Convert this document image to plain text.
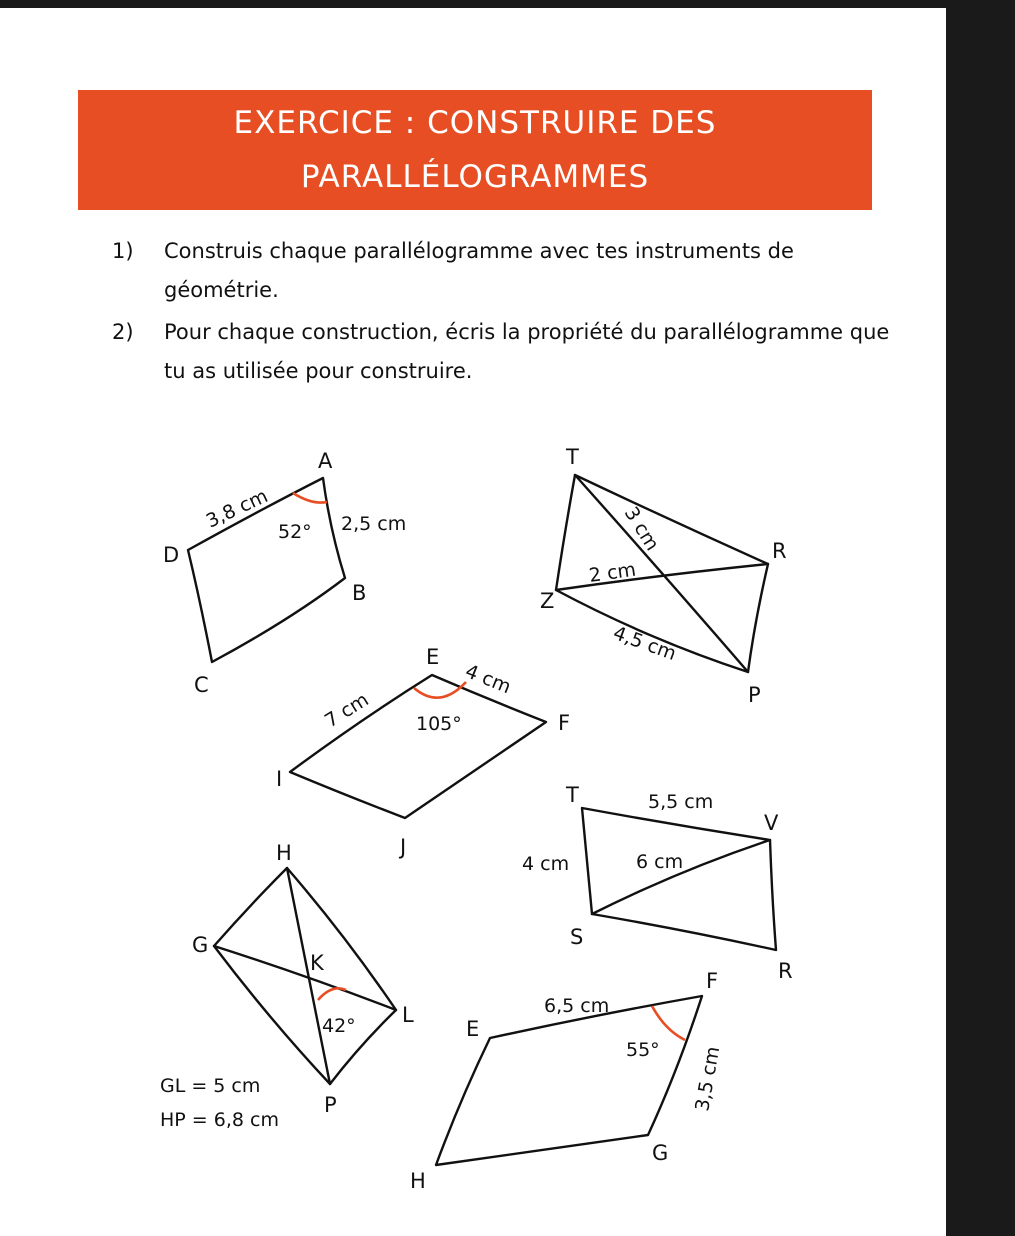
EXERCICE : CONSTRUIRE DES
PARALLÉLOGRAMMES
1)	Construis chaque parallélogramme avec tes instruments de géométrie.
2)	Pour chaque construction, écris la propriété du parallélogramme que tu as utilisée pour construire.
A
B
C
D
3,8 cm	2,5 cm
52°
T
Z
P
R
3 cm
2 cm
4,5 cm
E
F
I
J
7 cm
4 cm
105°
T
V
R
S
5,5 cm
4 cm	6 cm
H
G
K
L
P
42°
GL = 5 cm
HP = 6,8 cm
E
F
G
H
6,5 cm
3,5 cm
55°
